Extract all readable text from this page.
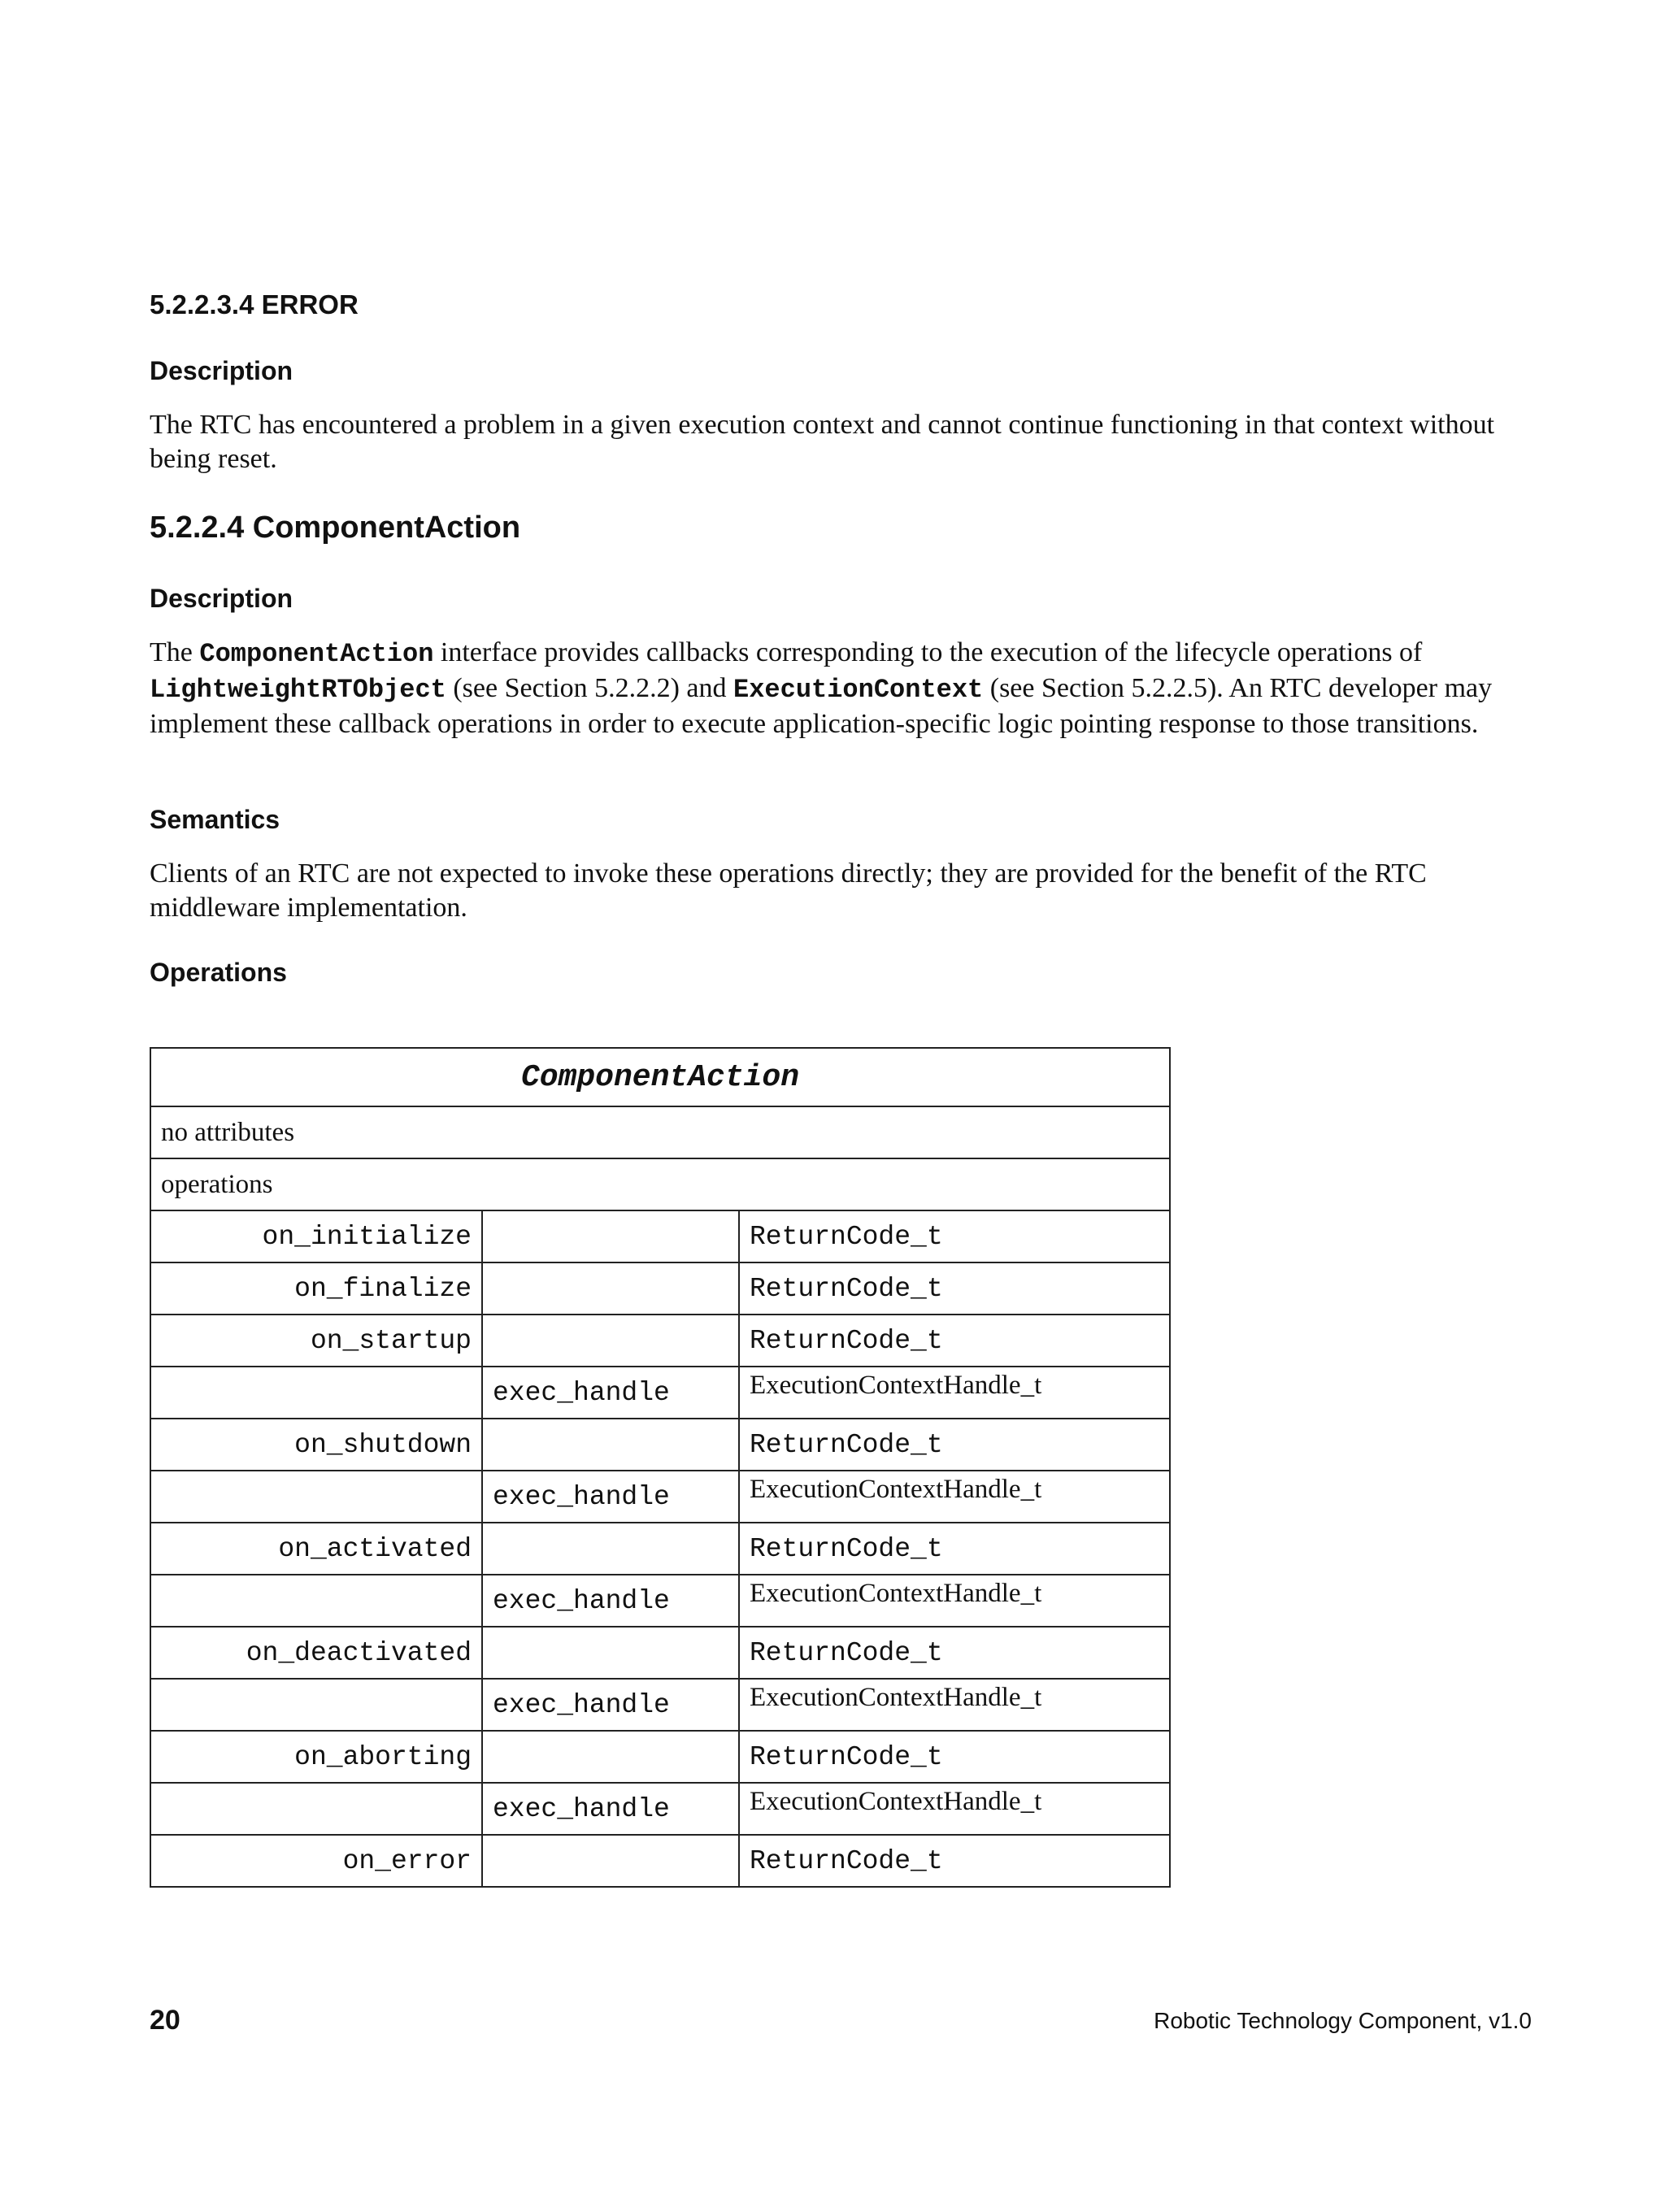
5.2.2.3.4 ERROR
Description
The RTC has encountered a problem in a given execution context and cannot continue functioning in that context without being reset.
5.2.2.4 ComponentAction
Description
The ComponentAction interface provides callbacks corresponding to the execution of the lifecycle operations of LightweightRTObject (see Section 5.2.2.2) and ExecutionContext (see Section 5.2.2.5). An RTC developer may implement these callback operations in order to execute application-specific logic pointing response to those transitions.
Semantics
Clients of an RTC are not expected to invoke these operations directly; they are provided for the benefit of the RTC middleware implementation.
Operations
ComponentAction		
no attributes		
operations		
on_initialize		ReturnCode_t
on_finalize		ReturnCode_t
on_startup		ReturnCode_t
	exec_handle	ExecutionContextHandle_t
on_shutdown		ReturnCode_t
	exec_handle	ExecutionContextHandle_t
on_activated		ReturnCode_t
	exec_handle	ExecutionContextHandle_t
on_deactivated		ReturnCode_t
	exec_handle	ExecutionContextHandle_t
on_aborting		ReturnCode_t
	exec_handle	ExecutionContextHandle_t
on_error		ReturnCode_t
20	Robotic Technology Component, v1.0
